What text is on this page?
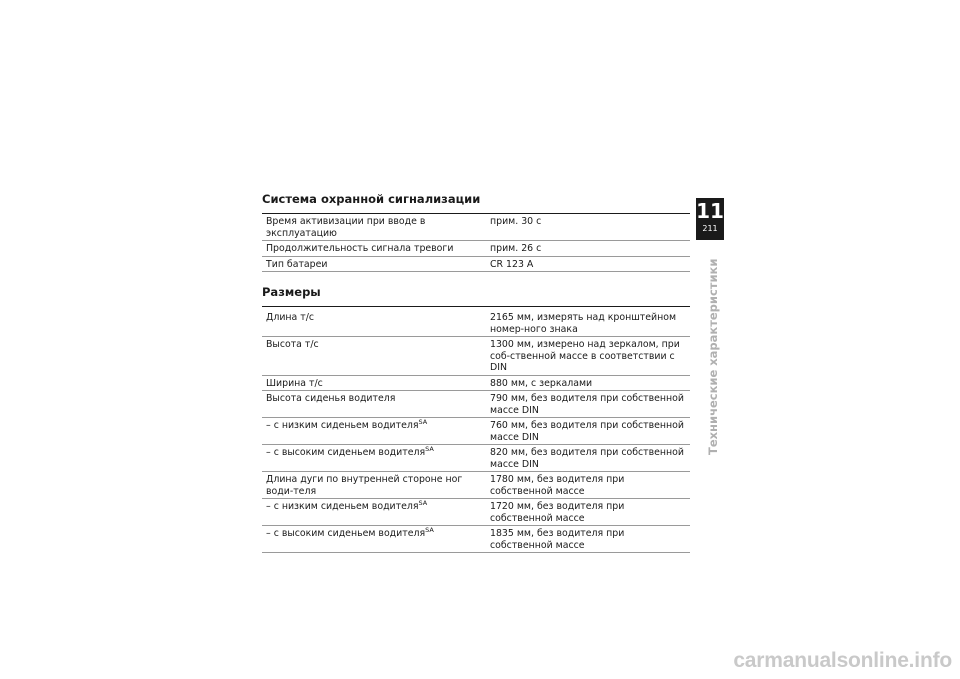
Система охранной сигнализации
Время активизации при вводе в эксплуатацию	прим. 30 с
Продолжительность сигнала тревоги	прим. 26 с
Тип батареи	CR 123 A
Размеры
Длина т/с	2165 мм, измерять над кронштейном номер-ного знака
Высота т/с	1300 мм, измерено над зеркалом, при соб-ственной массе в соответствии с DIN
Ширина т/с	880 мм, с зеркалами
Высота сиденья водителя	790 мм, без водителя при собственной массе DIN
– с низким сиденьем водителя$^{SA}$	760 мм, без водителя при собственной массе DIN
– с высоким сиденьем водителя$^{SA}$	820 мм, без водителя при собственной массе DIN
Длина дуги по внутренней стороне ног води-теля	1780 мм, без водителя при собственной массе
– с низким сиденьем водителя$^{SA}$	1720 мм, без водителя при собственной массе
– с высоким сиденьем водителя$^{SA}$	1835 мм, без водителя при собственной массе
11
211
Технические характеристики
carmanualsonline.info
